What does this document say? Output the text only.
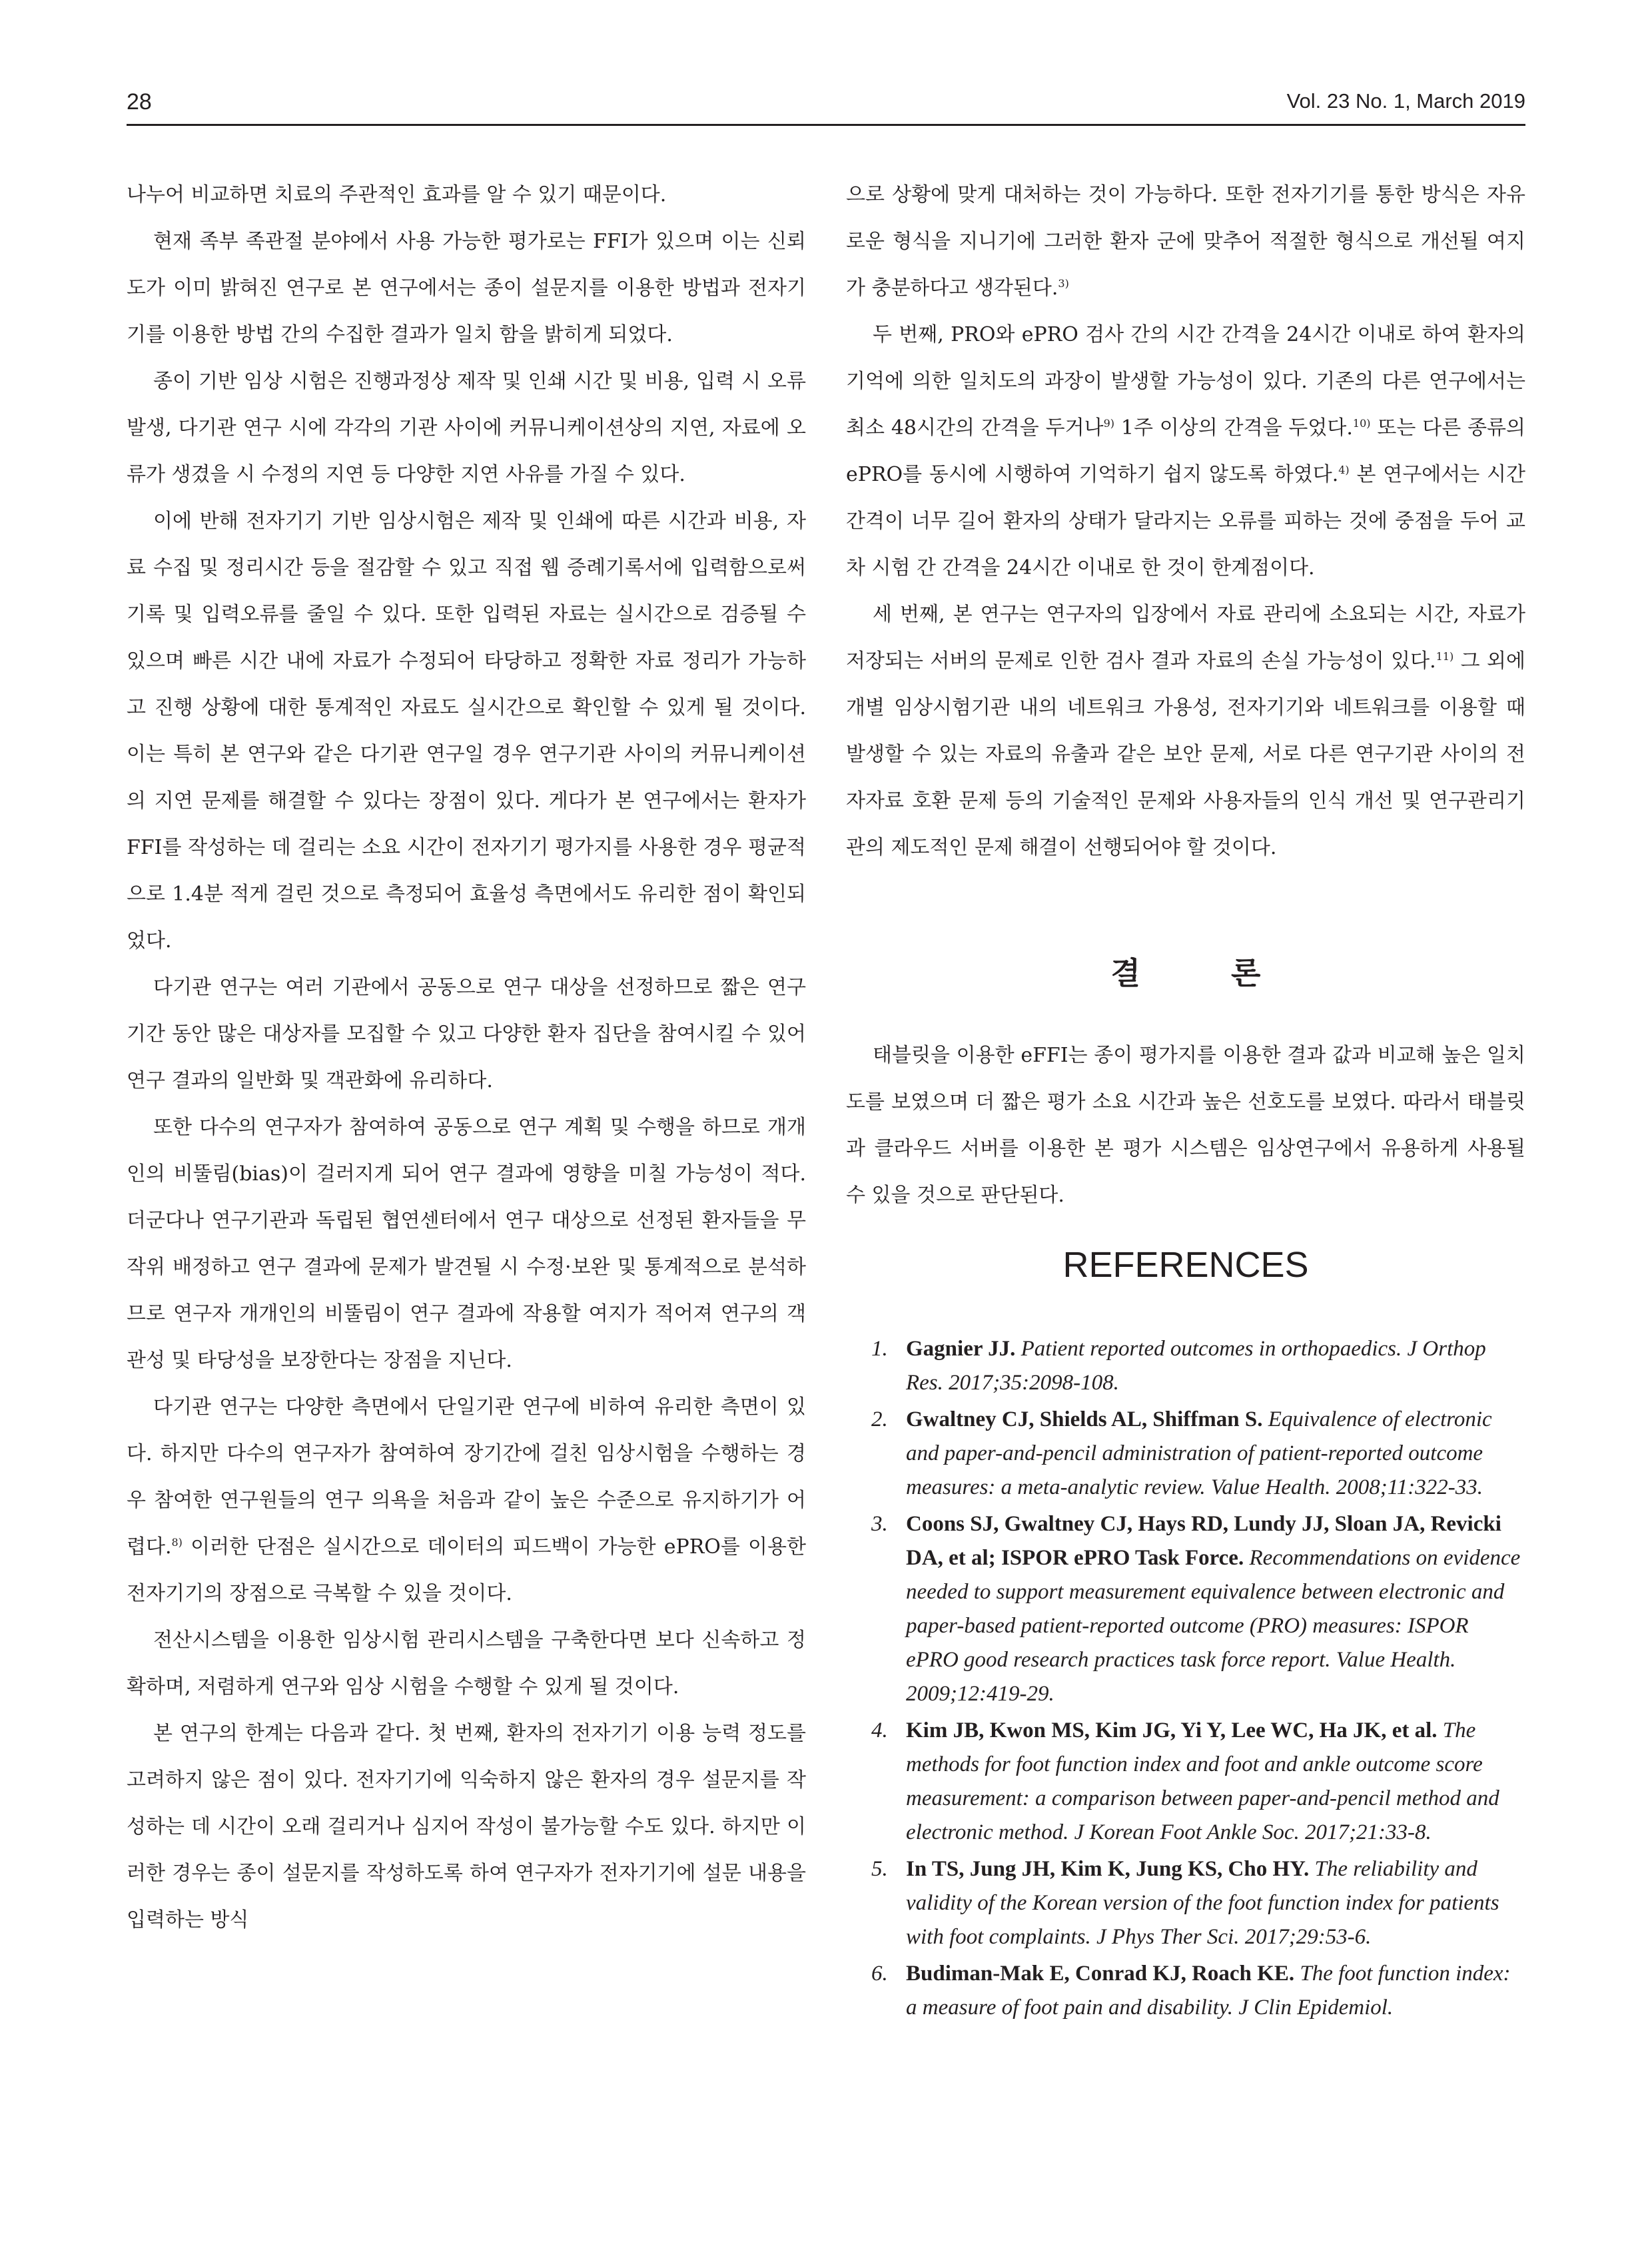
28	Vol. 23 No. 1, March 2019

나누어 비교하면 치료의 주관적인 효과를 알 수 있기 때문이다.

현재 족부 족관절 분야에서 사용 가능한 평가로는 FFI가 있으며 이는 신뢰도가 이미 밝혀진 연구로 본 연구에서는 종이 설문지를 이용한 방법과 전자기기를 이용한 방법 간의 수집한 결과가 일치 함을 밝히게 되었다.

종이 기반 임상 시험은 진행과정상 제작 및 인쇄 시간 및 비용, 입력 시 오류발생, 다기관 연구 시에 각각의 기관 사이에 커뮤니케이션상의 지연, 자료에 오류가 생겼을 시 수정의 지연 등 다양한 지연 사유를 가질 수 있다.

이에 반해 전자기기 기반 임상시험은 제작 및 인쇄에 따른 시간과 비용, 자료 수집 및 정리시간 등을 절감할 수 있고 직접 웹 증례기록서에 입력함으로써 기록 및 입력오류를 줄일 수 있다. 또한 입력된 자료는 실시간으로 검증될 수 있으며 빠른 시간 내에 자료가 수정되어 타당하고 정확한 자료 정리가 가능하고 진행 상황에 대한 통계적인 자료도 실시간으로 확인할 수 있게 될 것이다. 이는 특히 본 연구와 같은 다기관 연구일 경우 연구기관 사이의 커뮤니케이션의 지연 문제를 해결할 수 있다는 장점이 있다. 게다가 본 연구에서는 환자가 FFI를 작성하는 데 걸리는 소요 시간이 전자기기 평가지를 사용한 경우 평균적으로 1.4분 적게 걸린 것으로 측정되어 효율성 측면에서도 유리한 점이 확인되었다.

다기관 연구는 여러 기관에서 공동으로 연구 대상을 선정하므로 짧은 연구기간 동안 많은 대상자를 모집할 수 있고 다양한 환자 집단을 참여시킬 수 있어 연구 결과의 일반화 및 객관화에 유리하다.

또한 다수의 연구자가 참여하여 공동으로 연구 계획 및 수행을 하므로 개개인의 비뚤림(bias)이 걸러지게 되어 연구 결과에 영향을 미칠 가능성이 적다. 더군다나 연구기관과 독립된 협연센터에서 연구 대상으로 선정된 환자들을 무작위 배정하고 연구 결과에 문제가 발견될 시 수정·보완 및 통계적으로 분석하므로 연구자 개개인의 비뚤림이 연구 결과에 작용할 여지가 적어져 연구의 객관성 및 타당성을 보장한다는 장점을 지닌다.

다기관 연구는 다양한 측면에서 단일기관 연구에 비하여 유리한 측면이 있다. 하지만 다수의 연구자가 참여하여 장기간에 걸친 임상시험을 수행하는 경우 참여한 연구원들의 연구 의욕을 처음과 같이 높은 수준으로 유지하기가 어렵다.$^{8)}$ 이러한 단점은 실시간으로 데이터의 피드백이 가능한 ePRO를 이용한 전자기기의 장점으로 극복할 수 있을 것이다.

전산시스템을 이용한 임상시험 관리시스템을 구축한다면 보다 신속하고 정확하며, 저렴하게 연구와 임상 시험을 수행할 수 있게 될 것이다.

본 연구의 한계는 다음과 같다. 첫 번째, 환자의 전자기기 이용 능력 정도를 고려하지 않은 점이 있다. 전자기기에 익숙하지 않은 환자의 경우 설문지를 작성하는 데 시간이 오래 걸리거나 심지어 작성이 불가능할 수도 있다. 하지만 이러한 경우는 종이 설문지를 작성하도록 하여 연구자가 전자기기에 설문 내용을 입력하는 방식

으로 상황에 맞게 대처하는 것이 가능하다. 또한 전자기기를 통한 방식은 자유로운 형식을 지니기에 그러한 환자 군에 맞추어 적절한 형식으로 개선될 여지가 충분하다고 생각된다.$^{3)}$

두 번째, PRO와 ePRO 검사 간의 시간 간격을 24시간 이내로 하여 환자의 기억에 의한 일치도의 과장이 발생할 가능성이 있다. 기존의 다른 연구에서는 최소 48시간의 간격을 두거나$^{9)}$ 1주 이상의 간격을 두었다.$^{10)}$ 또는 다른 종류의 ePRO를 동시에 시행하여 기억하기 쉽지 않도록 하였다.$^{4)}$ 본 연구에서는 시간 간격이 너무 길어 환자의 상태가 달라지는 오류를 피하는 것에 중점을 두어 교차 시험 간 간격을 24시간 이내로 한 것이 한계점이다.

세 번째, 본 연구는 연구자의 입장에서 자료 관리에 소요되는 시간, 자료가 저장되는 서버의 문제로 인한 검사 결과 자료의 손실 가능성이 있다.$^{11)}$ 그 외에 개별 임상시험기관 내의 네트워크 가용성, 전자기기와 네트워크를 이용할 때 발생할 수 있는 자료의 유출과 같은 보안 문제, 서로 다른 연구기관 사이의 전자자료 호환 문제 등의 기술적인 문제와 사용자들의 인식 개선 및 연구관리기관의 제도적인 문제 해결이 선행되어야 할 것이다.

결 론

태블릿을 이용한 eFFI는 종이 평가지를 이용한 결과 값과 비교해 높은 일치도를 보였으며 더 짧은 평가 소요 시간과 높은 선호도를 보였다. 따라서 태블릿과 클라우드 서버를 이용한 본 평가 시스템은 임상연구에서 유용하게 사용될 수 있을 것으로 판단된다.

REFERENCES
1. Gagnier JJ. Patient reported outcomes in orthopaedics. J Orthop Res. 2017;35:2098-108.
2. Gwaltney CJ, Shields AL, Shiffman S. Equivalence of electronic and paper-and-pencil administration of patient-reported outcome measures: a meta-analytic review. Value Health. 2008;11:322-33.
3. Coons SJ, Gwaltney CJ, Hays RD, Lundy JJ, Sloan JA, Revicki DA, et al; ISPOR ePRO Task Force. Recommendations on evidence needed to support measurement equivalence between electronic and paper-based patient-reported outcome (PRO) measures: ISPOR ePRO good research practices task force report. Value Health. 2009;12:419-29.
4. Kim JB, Kwon MS, Kim JG, Yi Y, Lee WC, Ha JK, et al. The methods for foot function index and foot and ankle outcome score measurement: a comparison between paper-and-pencil method and electronic method. J Korean Foot Ankle Soc. 2017;21:33-8.
5. In TS, Jung JH, Kim K, Jung KS, Cho HY. The reliability and validity of the Korean version of the foot function index for patients with foot complaints. J Phys Ther Sci. 2017;29:53-6.
6. Budiman-Mak E, Conrad KJ, Roach KE. The foot function index: a measure of foot pain and disability. J Clin Epidemiol.
